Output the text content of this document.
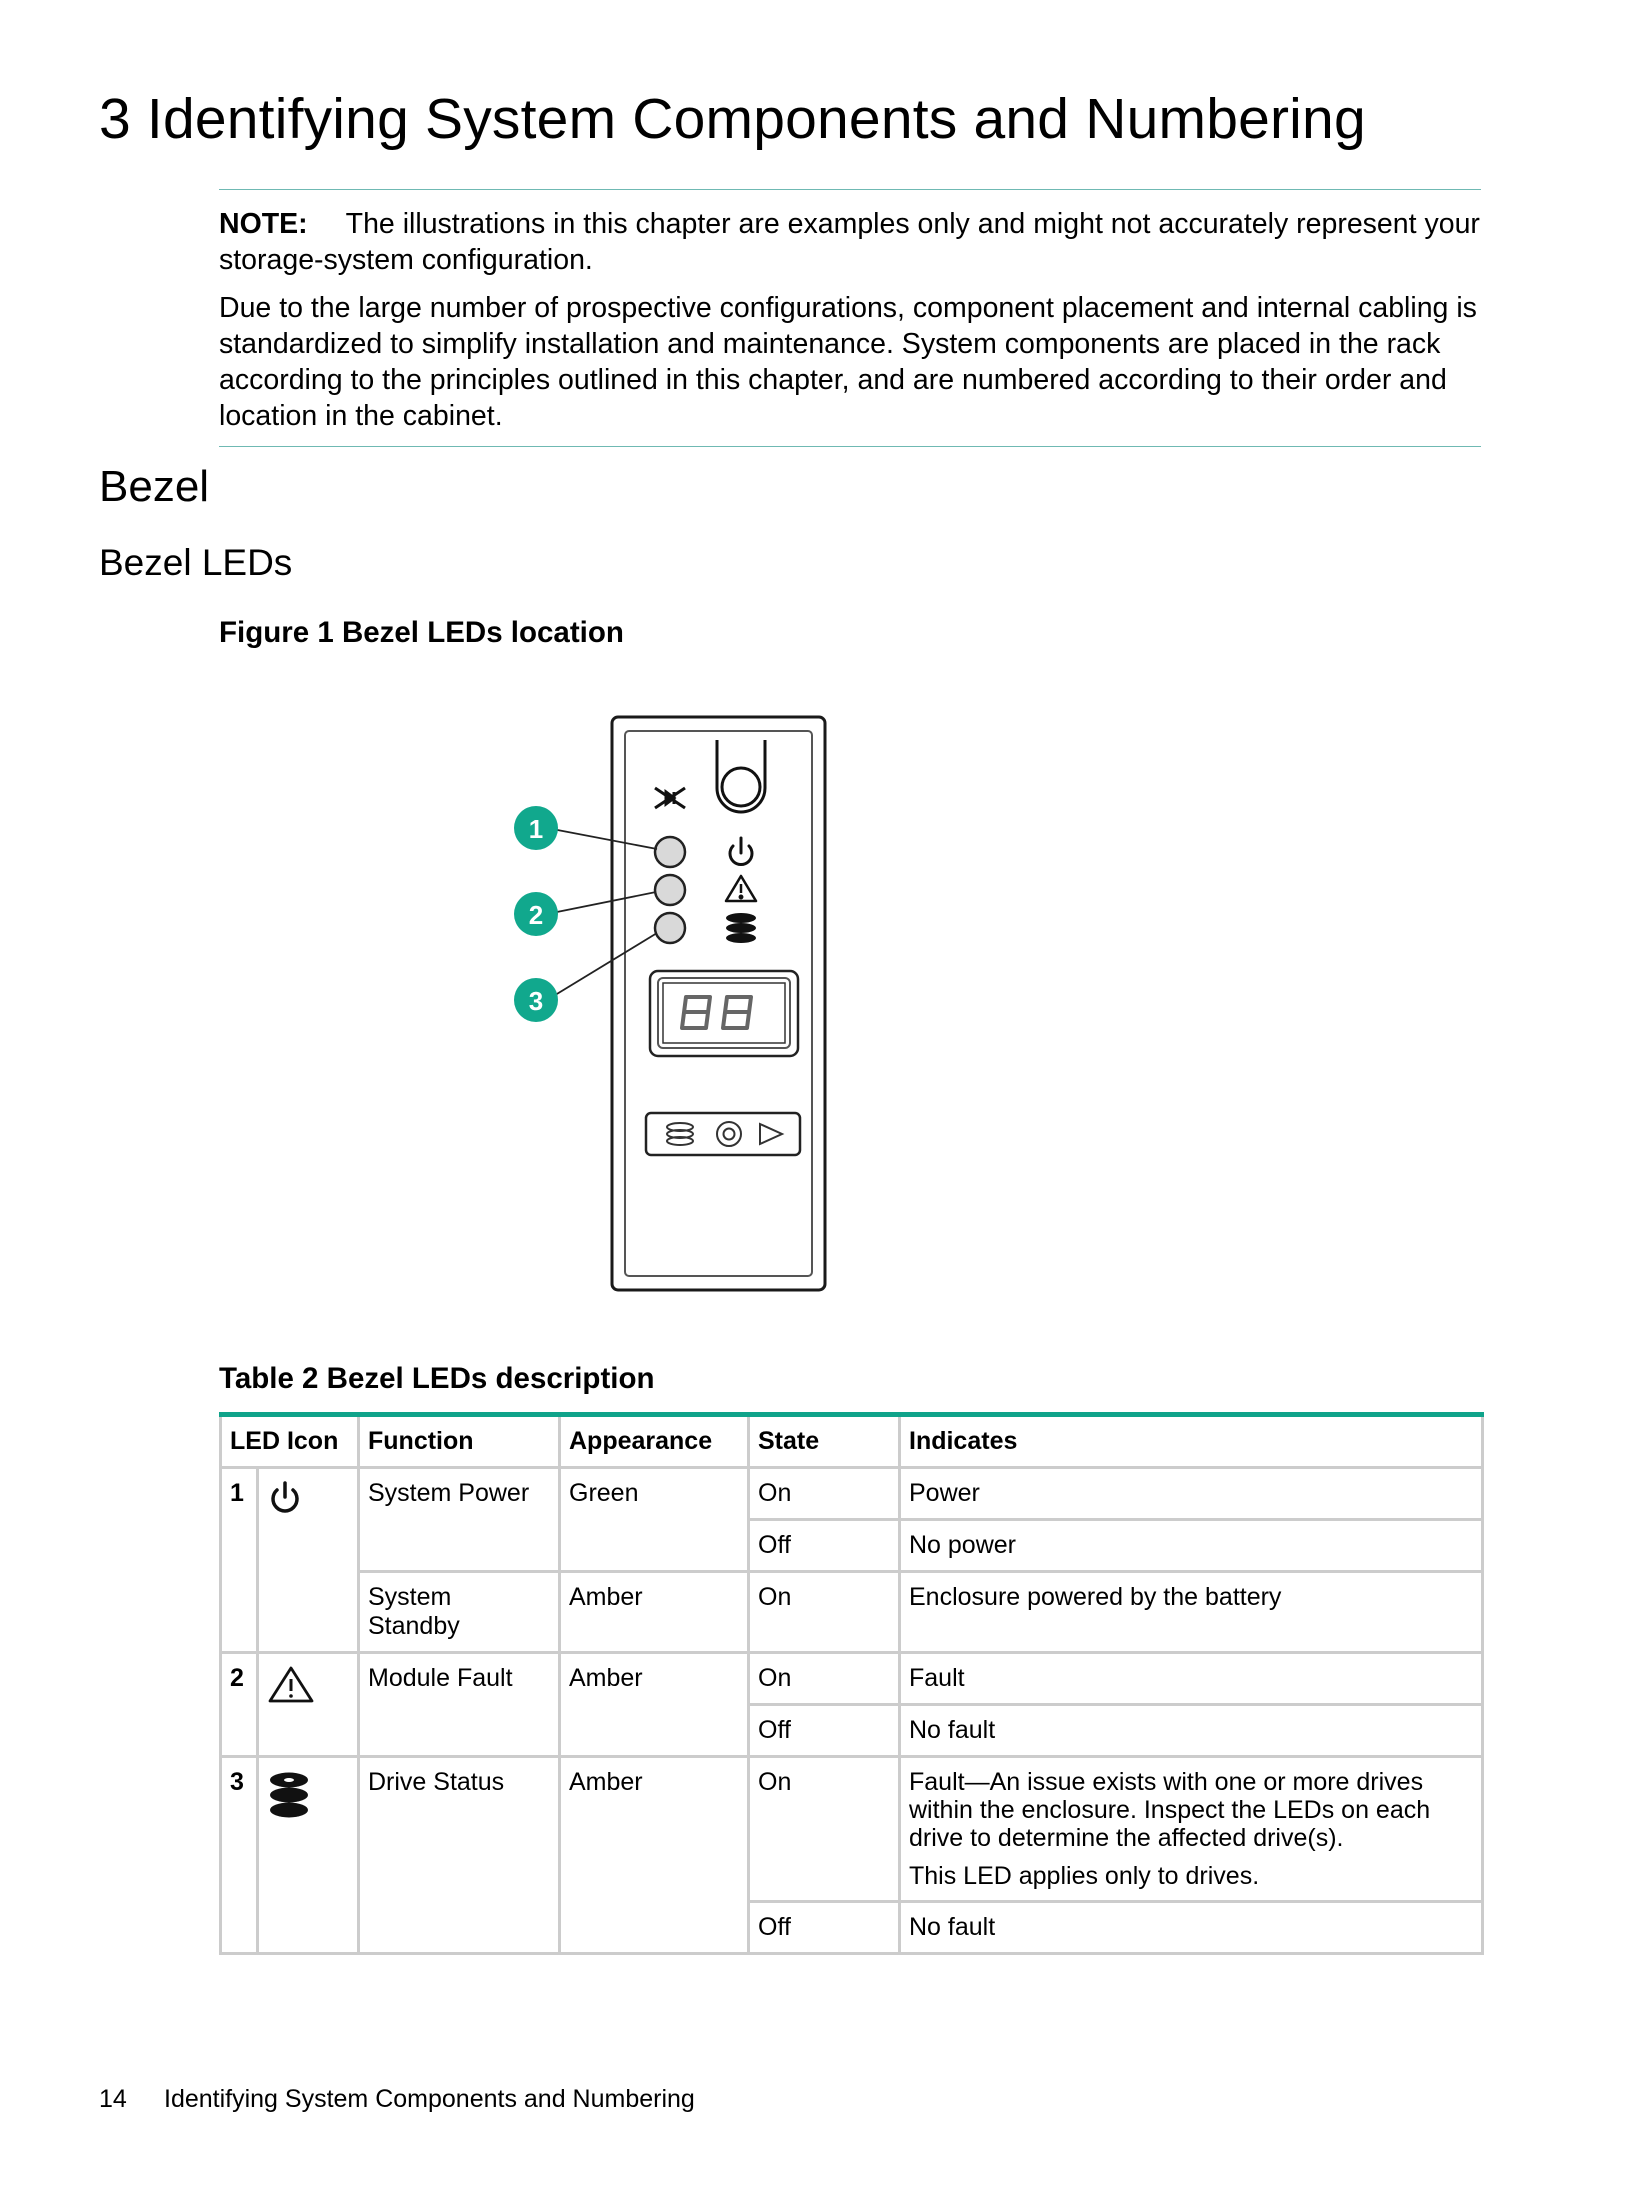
3 Identifying System Components and Numbering

NOTE: The illustrations in this chapter are examples only and might not accurately represent your storage-system configuration.

Due to the large number of prospective configurations, component placement and internal cabling is standardized to simplify installation and maintenance. System components are placed in the rack according to the principles outlined in this chapter, and are numbered according to their order and location in the cabinet.

Bezel
Bezel LEDs

Figure 1 Bezel LEDs location

1
2
3

Table 2 Bezel LEDs description

LED Icon		Function	Appearance	State	Indicates
1		System Power	Green	On	Power
				Off	No power
		System Standby	Amber	On	Enclosure powered by the battery
2		Module Fault	Amber	On	Fault
				Off	No fault
3		Drive Status	Amber	On	Fault—An issue exists with one or more drives within the enclosure. Inspect the LEDs on each drive to determine the affected drive(s).
This LED applies only to drives.

				Off	No fault
14 Identifying System Components and Numbering
